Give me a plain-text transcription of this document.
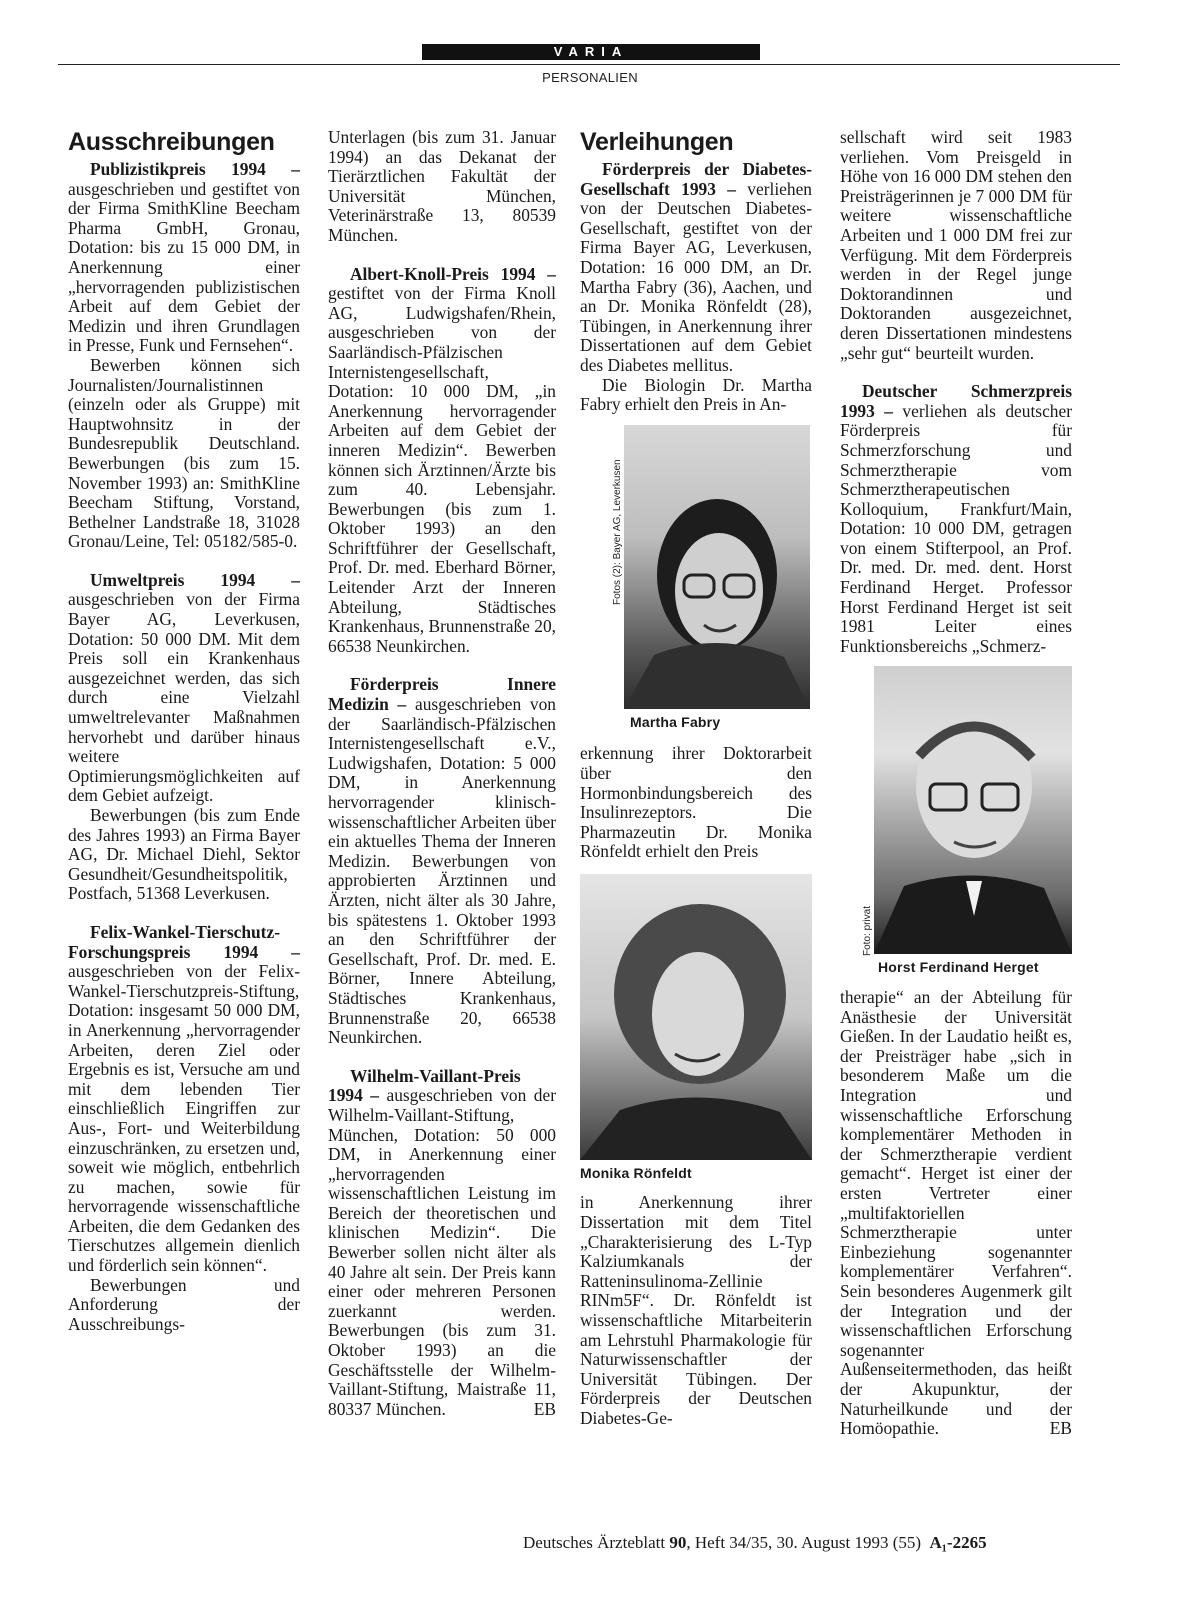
VARIA
PERSONALIEN
Ausschreibungen

Publizistikpreis 1994 – ausgeschrieben und gestiftet von der Firma SmithKline Beecham Pharma GmbH, Gronau, Dotation: bis zu 15 000 DM, in Anerkennung einer „hervorragenden publizistischen Arbeit auf dem Gebiet der Medizin und ihren Grundlagen in Presse, Funk und Fernsehen“.

Bewerben können sich Journalisten/Journalistinnen (einzeln oder als Gruppe) mit Hauptwohnsitz in der Bundesrepublik Deutschland. Bewerbungen (bis zum 15. November 1993) an: SmithKline Beecham Stiftung, Vorstand, Bethelner Landstraße 18, 31028 Gronau/Leine, Tel: 05182/585-0.

Umweltpreis 1994 – ausgeschrieben von der Firma Bayer AG, Leverkusen, Dotation: 50 000 DM. Mit dem Preis soll ein Krankenhaus ausgezeichnet werden, das sich durch eine Vielzahl umweltrelevanter Maßnahmen hervorhebt und darüber hinaus weitere Optimierungsmöglichkeiten auf dem Gebiet aufzeigt.

Bewerbungen (bis zum Ende des Jahres 1993) an Firma Bayer AG, Dr. Michael Diehl, Sektor Gesundheit/Gesundheitspolitik, Postfach, 51368 Leverkusen.

Felix-Wankel-Tierschutz-Forschungspreis 1994 – ausgeschrieben von der Felix-Wankel-Tierschutzpreis-Stiftung, Dotation: insgesamt 50 000 DM, in Anerkennung „hervorragender Arbeiten, deren Ziel oder Ergebnis es ist, Versuche am und mit dem lebenden Tier einschließlich Eingriffen zur Aus-, Fort- und Weiterbildung einzuschränken, zu ersetzen und, soweit wie möglich, entbehrlich zu machen, sowie für hervorragende wissenschaftliche Arbeiten, die dem Gedanken des Tierschutzes allgemein dienlich und förderlich sein können“.

Bewerbungen und Anforderung der Ausschreibungs-

Unterlagen (bis zum 31. Januar 1994) an das Dekanat der Tierärztlichen Fakultät der Universität München, Veterinärstraße 13, 80539 München.

Albert-Knoll-Preis 1994 – gestiftet von der Firma Knoll AG, Ludwigshafen/Rhein, ausgeschrieben von der Saarländisch-Pfälzischen Internistengesellschaft, Dotation: 10 000 DM, „in Anerkennung hervorragender Arbeiten auf dem Gebiet der inneren Medizin“. Bewerben können sich Ärztinnen/Ärzte bis zum 40. Lebensjahr. Bewerbungen (bis zum 1. Oktober 1993) an den Schriftführer der Gesellschaft, Prof. Dr. med. Eberhard Börner, Leitender Arzt der Inneren Abteilung, Städtisches Krankenhaus, Brunnenstraße 20, 66538 Neunkirchen.

Förderpreis Innere Medizin – ausgeschrieben von der Saarländisch-Pfälzischen Internistengesellschaft e.V., Ludwigshafen, Dotation: 5 000 DM, in Anerkennung hervorragender klinisch-wissenschaftlicher Arbeiten über ein aktuelles Thema der Inneren Medizin. Bewerbungen von approbierten Ärztinnen und Ärzten, nicht älter als 30 Jahre, bis spätestens 1. Oktober 1993 an den Schriftführer der Gesellschaft, Prof. Dr. med. E. Börner, Innere Abteilung, Städtisches Krankenhaus, Brunnenstraße 20, 66538 Neunkirchen.

Wilhelm-Vaillant-Preis 1994 – ausgeschrieben von der Wilhelm-Vaillant-Stiftung, München, Dotation: 50 000 DM, in Anerkennung einer „hervorragenden wissenschaftlichen Leistung im Bereich der theoretischen und klinischen Medizin“. Die Bewerber sollen nicht älter als 40 Jahre alt sein. Der Preis kann einer oder mehreren Personen zuerkannt werden. Bewerbungen (bis zum 31. Oktober 1993) an die Geschäftsstelle der Wilhelm-Vaillant-Stiftung, Maistraße 11, 80337 München.	EB

Verleihungen

Förderpreis der Diabetes-Gesellschaft 1993 – verliehen von der Deutschen Diabetes-Gesellschaft, gestiftet von der Firma Bayer AG, Leverkusen, Dotation: 16 000 DM, an Dr. Martha Fabry (36), Aachen, und an Dr. Monika Rönfeldt (28), Tübingen, in Anerkennung ihrer Dissertationen auf dem Gebiet des Diabetes mellitus.

Die Biologin Dr. Martha Fabry erhielt den Preis in An-

Fotos (2): Bayer AG, Leverkusen
Martha Fabry

erkennung ihrer Doktorarbeit über den Hormonbindungsbereich des Insulinrezeptors. Die Pharmazeutin Dr. Monika Rönfeldt erhielt den Preis

Monika Rönfeldt

in Anerkennung ihrer Dissertation mit dem Titel „Charakterisierung des L-Typ Kalziumkanals der Ratteninsulinoma-Zellinie RINm5F“. Dr. Rönfeldt ist wissenschaftliche Mitarbeiterin am Lehrstuhl Pharmakologie für Naturwissenschaftler der Universität Tübingen. Der Förderpreis der Deutschen Diabetes-Ge-

sellschaft wird seit 1983 verliehen. Vom Preisgeld in Höhe von 16 000 DM stehen den Preisträgerinnen je 7 000 DM für weitere wissenschaftliche Arbeiten und 1 000 DM frei zur Verfügung. Mit dem Förderpreis werden in der Regel junge Doktorandinnen und Doktoranden ausgezeichnet, deren Dissertationen mindestens „sehr gut“ beurteilt wurden.

Deutscher Schmerzpreis 1993 – verliehen als deutscher Förderpreis für Schmerzforschung und Schmerztherapie vom Schmerztherapeutischen Kolloquium, Frankfurt/Main, Dotation: 10 000 DM, getragen von einem Stifterpool, an Prof. Dr. med. Dr. med. dent. Horst Ferdinand Herget. Professor Horst Ferdinand Herget ist seit 1981 Leiter eines Funktionsbereichs „Schmerz-

Foto: privat
Horst Ferdinand Herget

therapie“ an der Abteilung für Anästhesie der Universität Gießen. In der Laudatio heißt es, der Preisträger habe „sich in besonderem Maße um die Integration und wissenschaftliche Erforschung komplementärer Methoden in der Schmerztherapie verdient gemacht“. Herget ist einer der ersten Vertreter einer „multifaktoriellen Schmerztherapie unter Einbeziehung sogenannter komplementärer Verfahren“. Sein besonderes Augenmerk gilt der Integration und der wissenschaftlichen Erforschung sogenannter Außenseitermethoden, das heißt der Akupunktur, der Naturheilkunde und der Homöopathie.	EB

Deutsches Ärzteblatt 90, Heft 34/35, 30. August 1993 (55) A₁-2265
